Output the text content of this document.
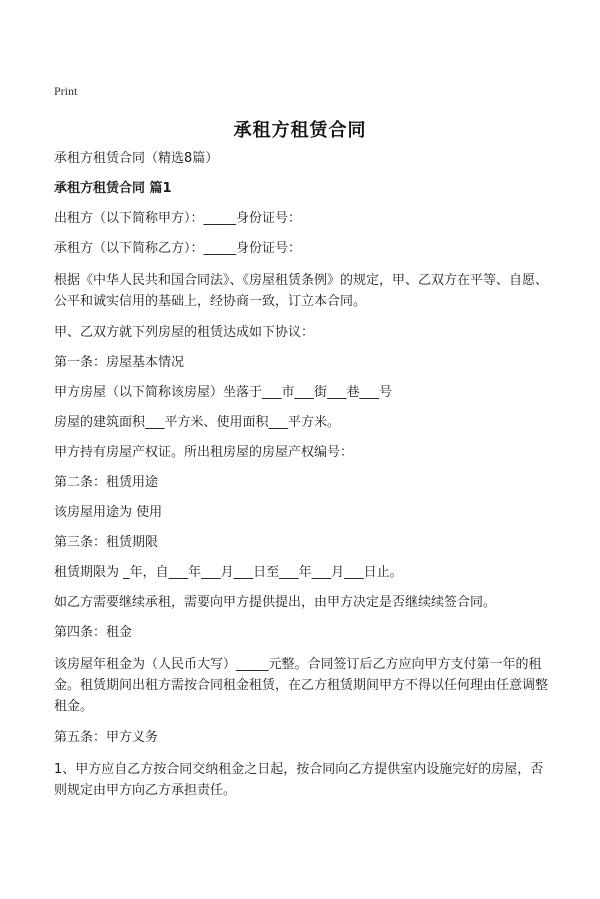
Print
承租方租赁合同

承租方租赁合同（精选8篇）

承租方租赁合同 篇1

出租方（以下简称甲方）：_____身份证号：

承租方（以下简称乙方）：_____身份证号：

根据《中华人民共和国合同法》、《房屋租赁条例》的规定，甲、乙双方在平等、自愿、公平和诚实信用的基础上，经协商一致，订立本合同。

甲、乙双方就下列房屋的租赁达成如下协议：

第一条：房屋基本情况

甲方房屋（以下简称该房屋）坐落于___市___街___巷___号

房屋的建筑面积___平方米、使用面积___平方米。

甲方持有房屋产权证。所出租房屋的房屋产权编号：

第二条：租赁用途

该房屋用途为 使用

第三条：租赁期限

租赁期限为 _年，自___年___月___日至___年___月___日止。

如乙方需要继续承租，需要向甲方提供提出，由甲方决定是否继续续签合同。

第四条：租金

该房屋年租金为（人民币大写）_____元整。合同签订后乙方应向甲方支付第一年的租金。租赁期间出租方需按合同租金租赁，在乙方租赁期间甲方不得以任何理由任意调整租金。

第五条：甲方义务

1、甲方应自乙方按合同交纳租金之日起，按合同向乙方提供室内设施完好的房屋，否则规定由甲方向乙方承担责任。
